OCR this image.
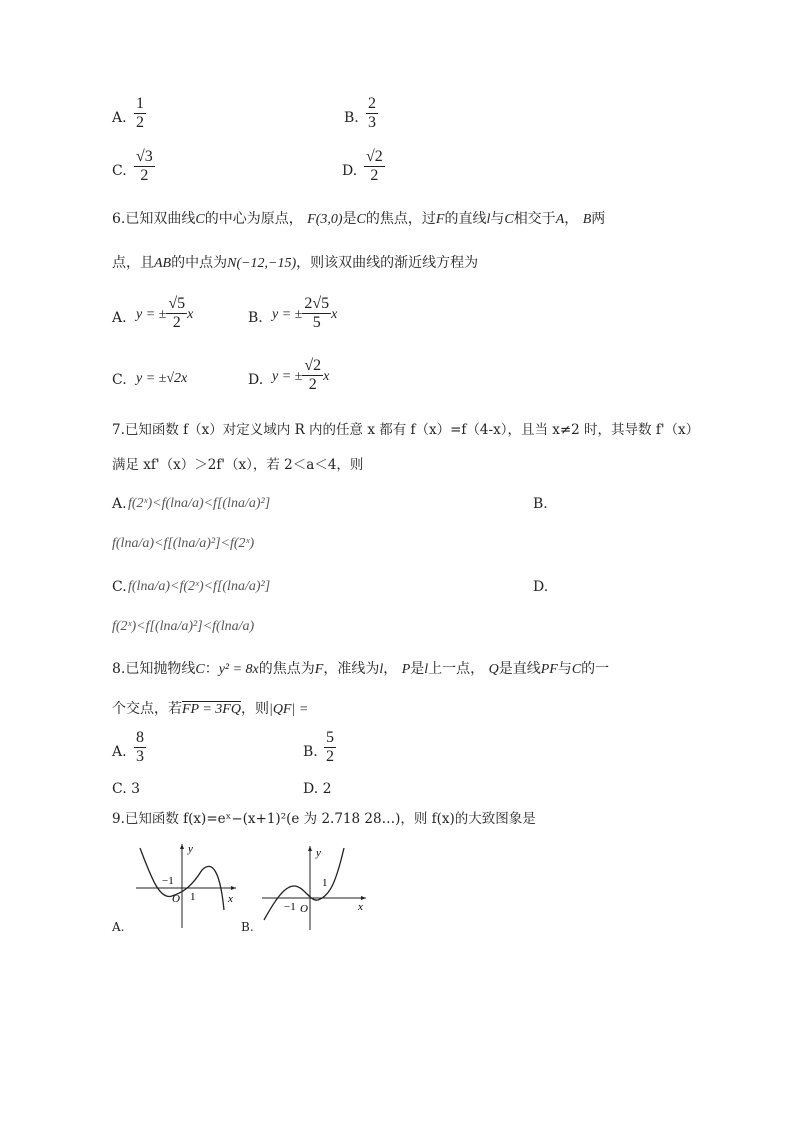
A. $\frac{1}{2}$	B. $\frac{2}{3}$
C. $\frac{√3}{2}$	D. $\frac{√2}{2}$
6.已知双曲线C的中心为原点， F(3,0)是C的焦点，过F的直线l与C相交于A， B两
点，且AB的中点为N(−12,−15)，则该双曲线的渐近线方程为
A. y = ± $\frac{√5}{2}$ x	B. y = ± $\frac{2√5}{5}$ x
C. y = ±√2x	D. y = ± $\frac{√2}{2}$ x
7.已知函数 f（x）对定义域内 R 内的任意 x 都有 f（x）=f（4-x），且当 x≠2 时，其导数 f'（x）
满足 xf'（x）＞2f'（x），若 2＜a＜4，则
A. f(2ˣ)<f(lna/a)<f[(lna/a)²]	B.
f(lna/a)<f[(lna/a)²]<f(2ˣ)
C. f(lna/a)<f(2ˣ)<f[(lna/a)²]	D.
f(2ˣ)<f[(lna/a)²]<f(lna/a)
8.已知抛物线C：y² = 8x的焦点为F，准线为l， P是l上一点， Q是直线PF与C的一
个交点，若FP = 3FQ，则|QF| =
A. $\frac{8}{3}$	B. $\frac{5}{2}$
C. 3	D. 2
9.已知函数 f(x)=eˣ−(x+1)²(e 为 2.718 28…)，则 f(x)的大致图象是
y
x
O
−1
1
A.
y
x
O
−1
1
B.
